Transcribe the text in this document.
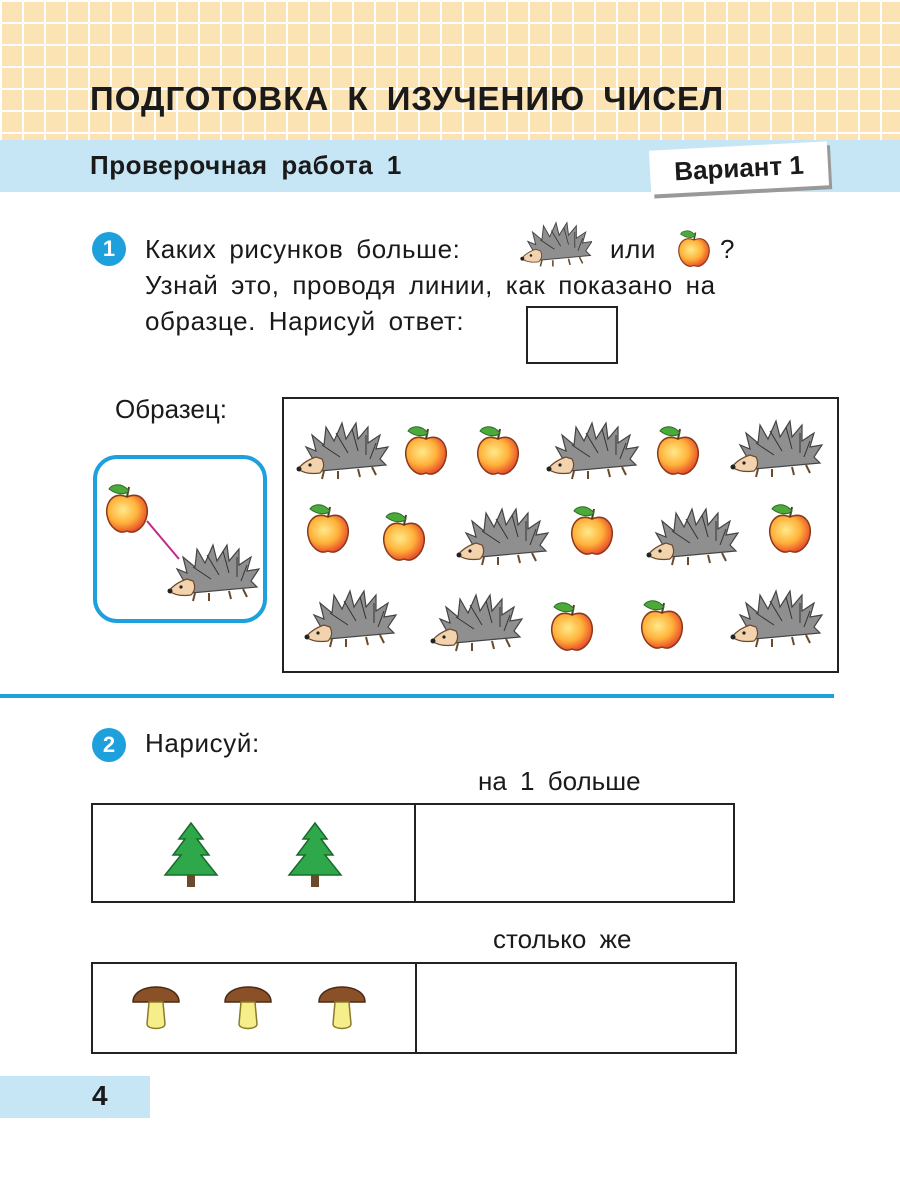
ПОДГОТОВКА К ИЗУЧЕНИЮ ЧИСЕЛ
Проверочная работа 1	Вариант 1
1	Каких рисунков больше:	или ?
Узнай это, проводя линии, как показано на
образце. Нарисуй ответ:
Образец:
2	Нарисуй:
на 1 больше
столько же
4
